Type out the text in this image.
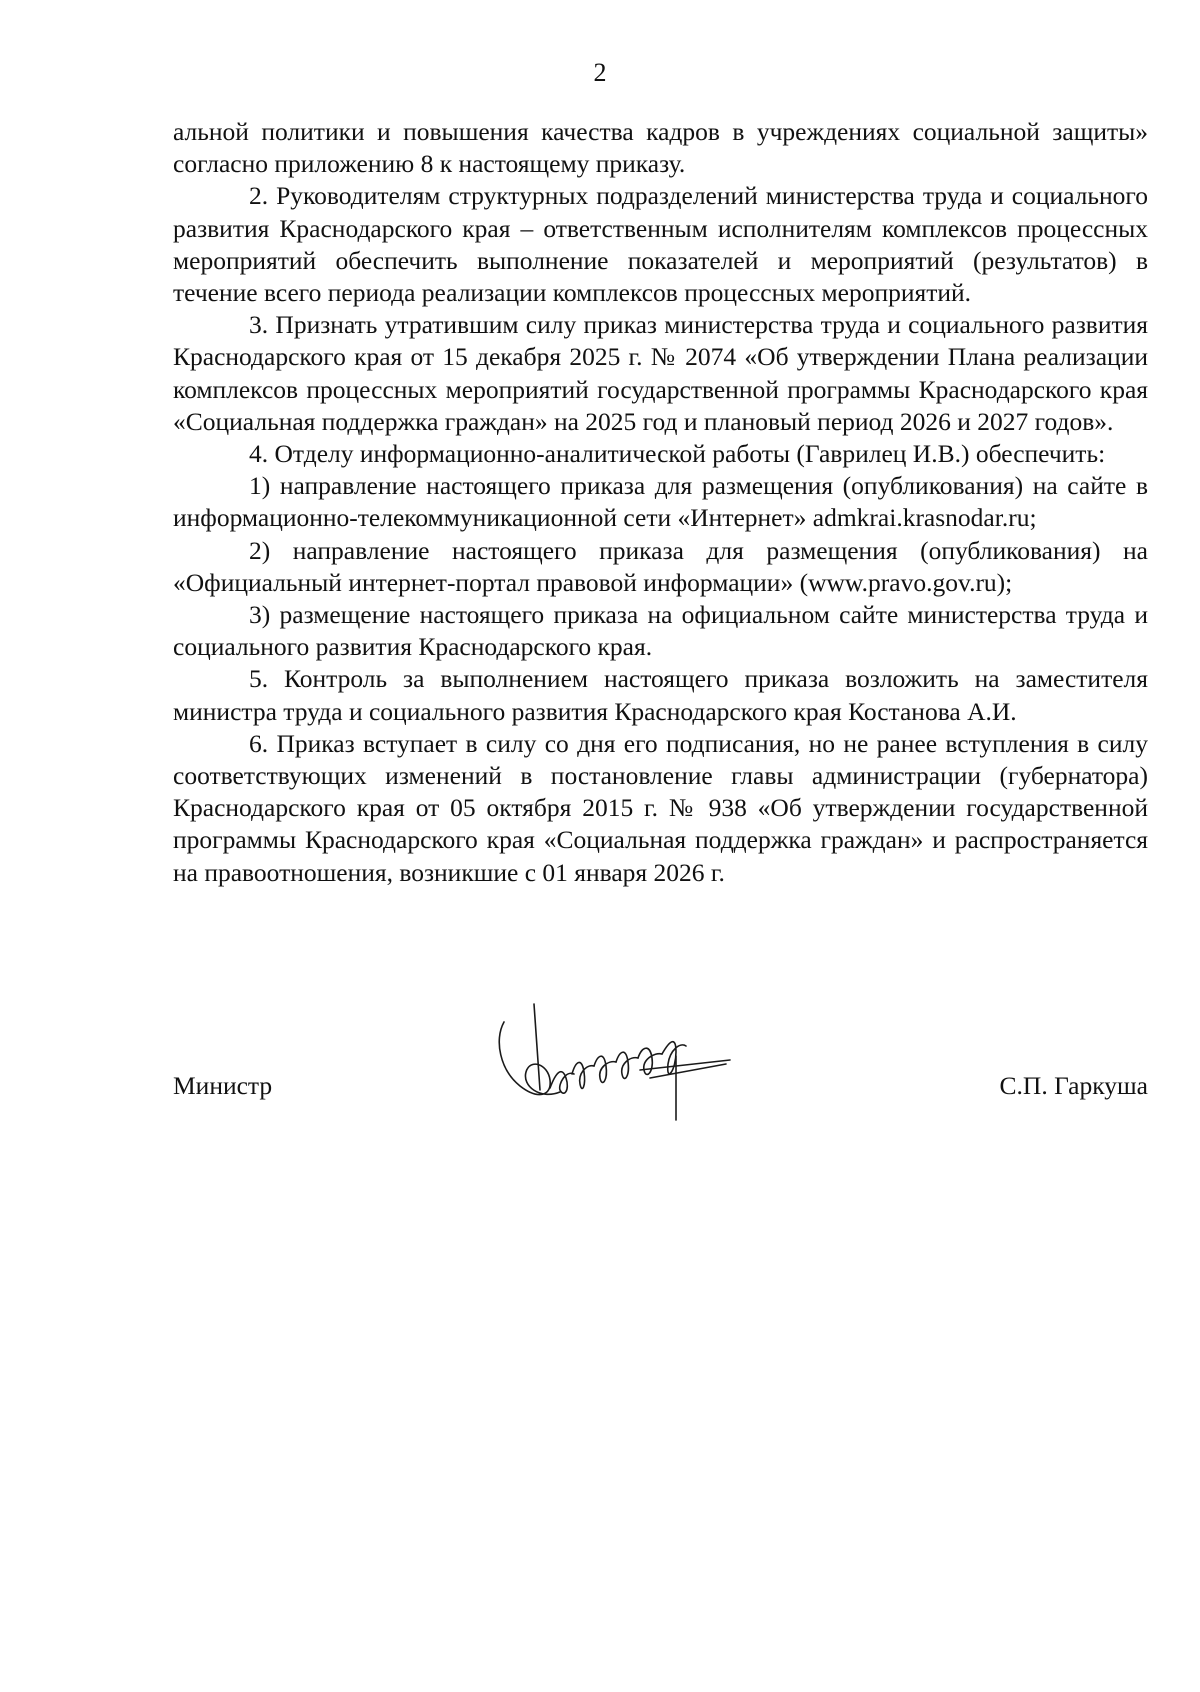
2

альной политики и повышения качества кадров в учреждениях социальной защиты» согласно приложению 8 к настоящему приказу.

2. Руководителям структурных подразделений министерства труда и социального развития Краснодарского края – ответственным исполнителям комплексов процессных мероприятий обеспечить выполнение показателей и мероприятий (результатов) в течение всего периода реализации комплексов процессных мероприятий.

3. Признать утратившим силу приказ министерства труда и социального развития Краснодарского края от 15 декабря 2025 г. № 2074 «Об утверждении Плана реализации комплексов процессных мероприятий государственной программы Краснодарского края «Социальная поддержка граждан» на 2025 год и плановый период 2026 и 2027 годов».

4. Отделу информационно-аналитической работы (Гаврилец И.В.) обеспечить:

1) направление настоящего приказа для размещения (опубликования) на сайте в информационно-телекоммуникационной сети «Интернет» admkrai.krasnodar.ru;

2) направление настоящего приказа для размещения (опубликования) на «Официальный интернет-портал правовой информации» (www.pravo.gov.ru);

3) размещение настоящего приказа на официальном сайте министерства труда и социального развития Краснодарского края.

5. Контроль за выполнением настоящего приказа возложить на заместителя министра труда и социального развития Краснодарского края Костанова А.И.

6. Приказ вступает в силу со дня его подписания, но не ранее вступления в силу соответствующих изменений в постановление главы администрации (губернатора) Краснодарского края от 05 октября 2015 г. № 938 «Об утверждении государственной программы Краснодарского края «Социальная поддержка граждан» и распространяется на правоотношения, возникшие с 01 января 2026 г.

Министр	С.П. Гаркуша
